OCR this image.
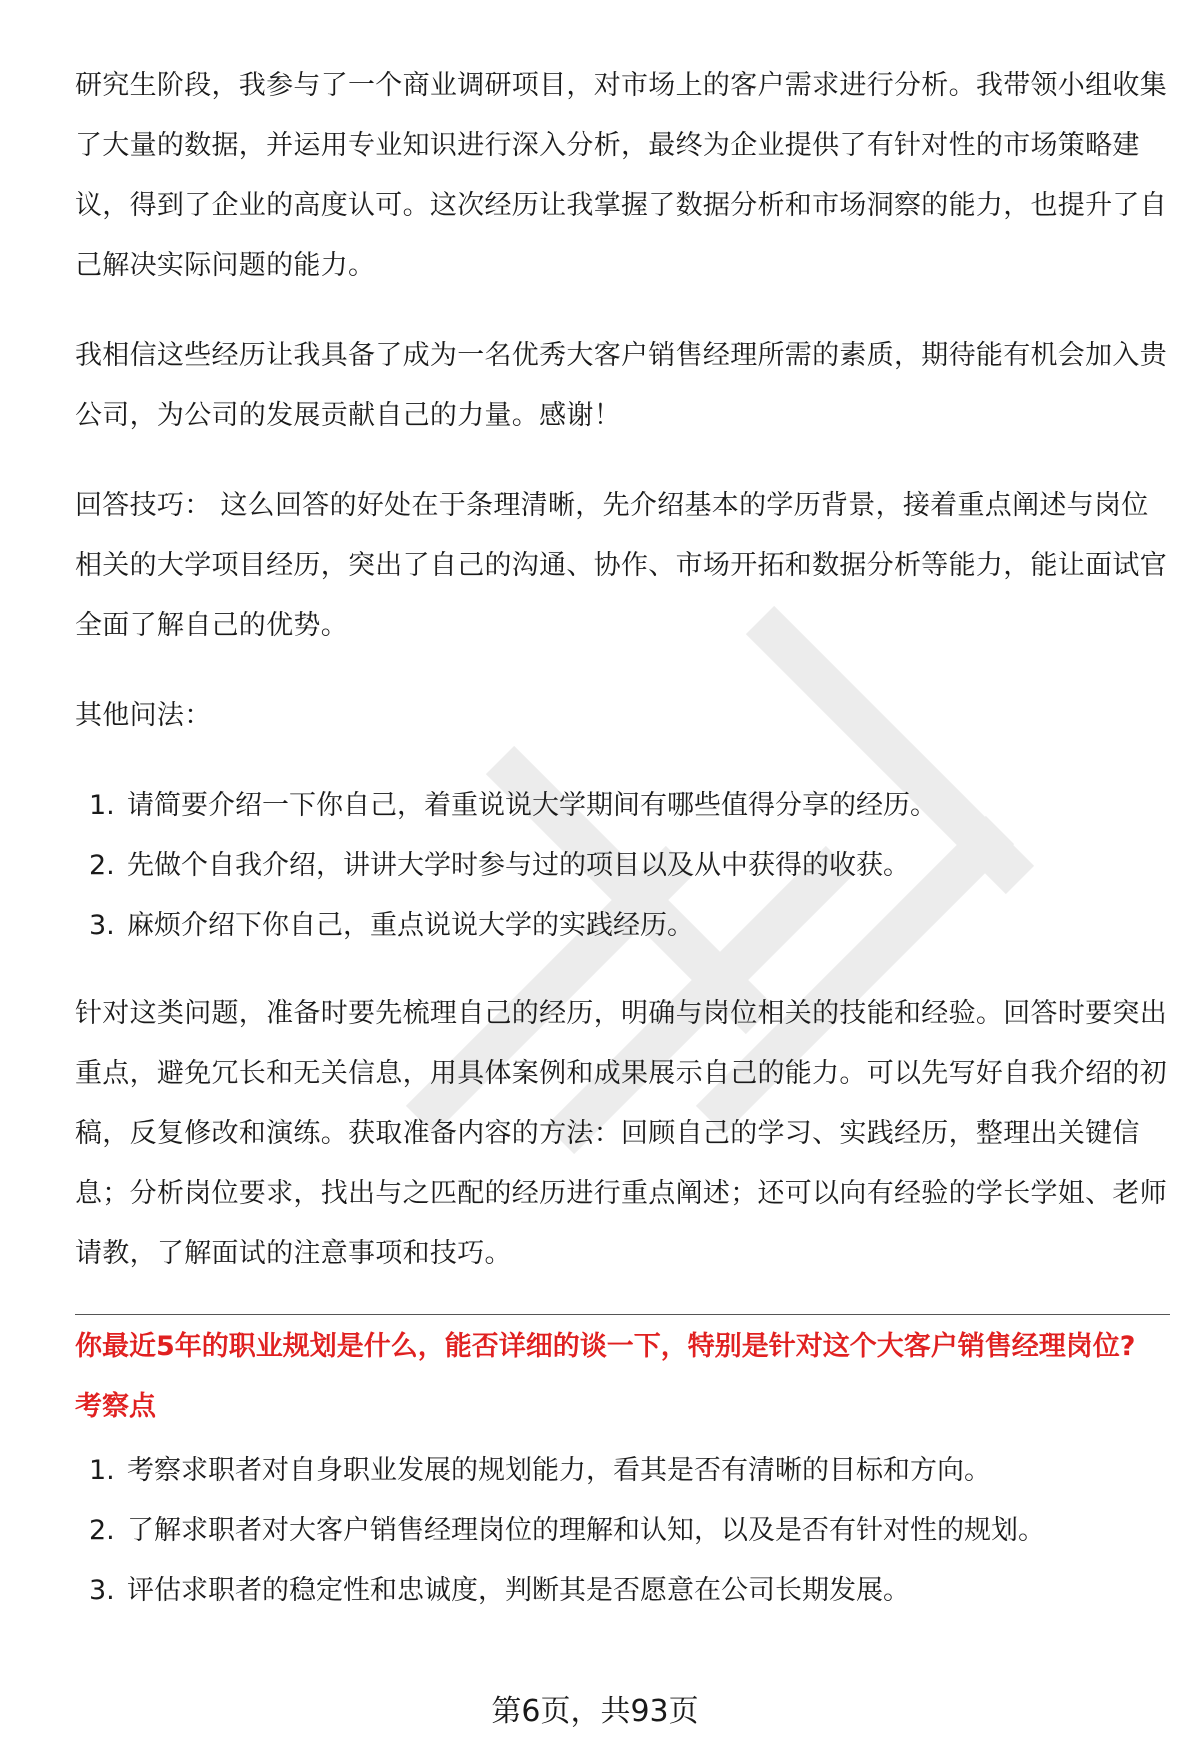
研究生阶段，我参与了一个商业调研项目，对市场上的客户需求进行分析。我带领小组收集了大量的数据，并运用专业知识进行深入分析，最终为企业提供了有针对性的市场策略建议，得到了企业的高度认可。这次经历让我掌握了数据分析和市场洞察的能力，也提升了自己解决实际问题的能力。

我相信这些经历让我具备了成为一名优秀大客户销售经理所需的素质，期待能有机会加入贵公司，为公司的发展贡献自己的力量。感谢！

回答技巧： 这么回答的好处在于条理清晰，先介绍基本的学历背景，接着重点阐述与岗位相关的大学项目经历，突出了自己的沟通、协作、市场开拓和数据分析等能力，能让面试官全面了解自己的优势。

其他问法：

1. 请简要介绍一下你自己，着重说说大学期间有哪些值得分享的经历。
2. 先做个自我介绍，讲讲大学时参与过的项目以及从中获得的收获。
3. 麻烦介绍下你自己，重点说说大学的实践经历。

针对这类问题，准备时要先梳理自己的经历，明确与岗位相关的技能和经验。回答时要突出重点，避免冗长和无关信息，用具体案例和成果展示自己的能力。可以先写好自我介绍的初稿，反复修改和演练。获取准备内容的方法：回顾自己的学习、实践经历，整理出关键信息；分析岗位要求，找出与之匹配的经历进行重点阐述；还可以向有经验的学长学姐、老师请教，了解面试的注意事项和技巧。

你最近5年的职业规划是什么，能否详细的谈一下，特别是针对这个大客户销售经理岗位?
考察点
1. 考察求职者对自身职业发展的规划能力，看其是否有清晰的目标和方向。
2. 了解求职者对大客户销售经理岗位的理解和认知，以及是否有针对性的规划。
3. 评估求职者的稳定性和忠诚度，判断其是否愿意在公司长期发展。
第6页，共93页
